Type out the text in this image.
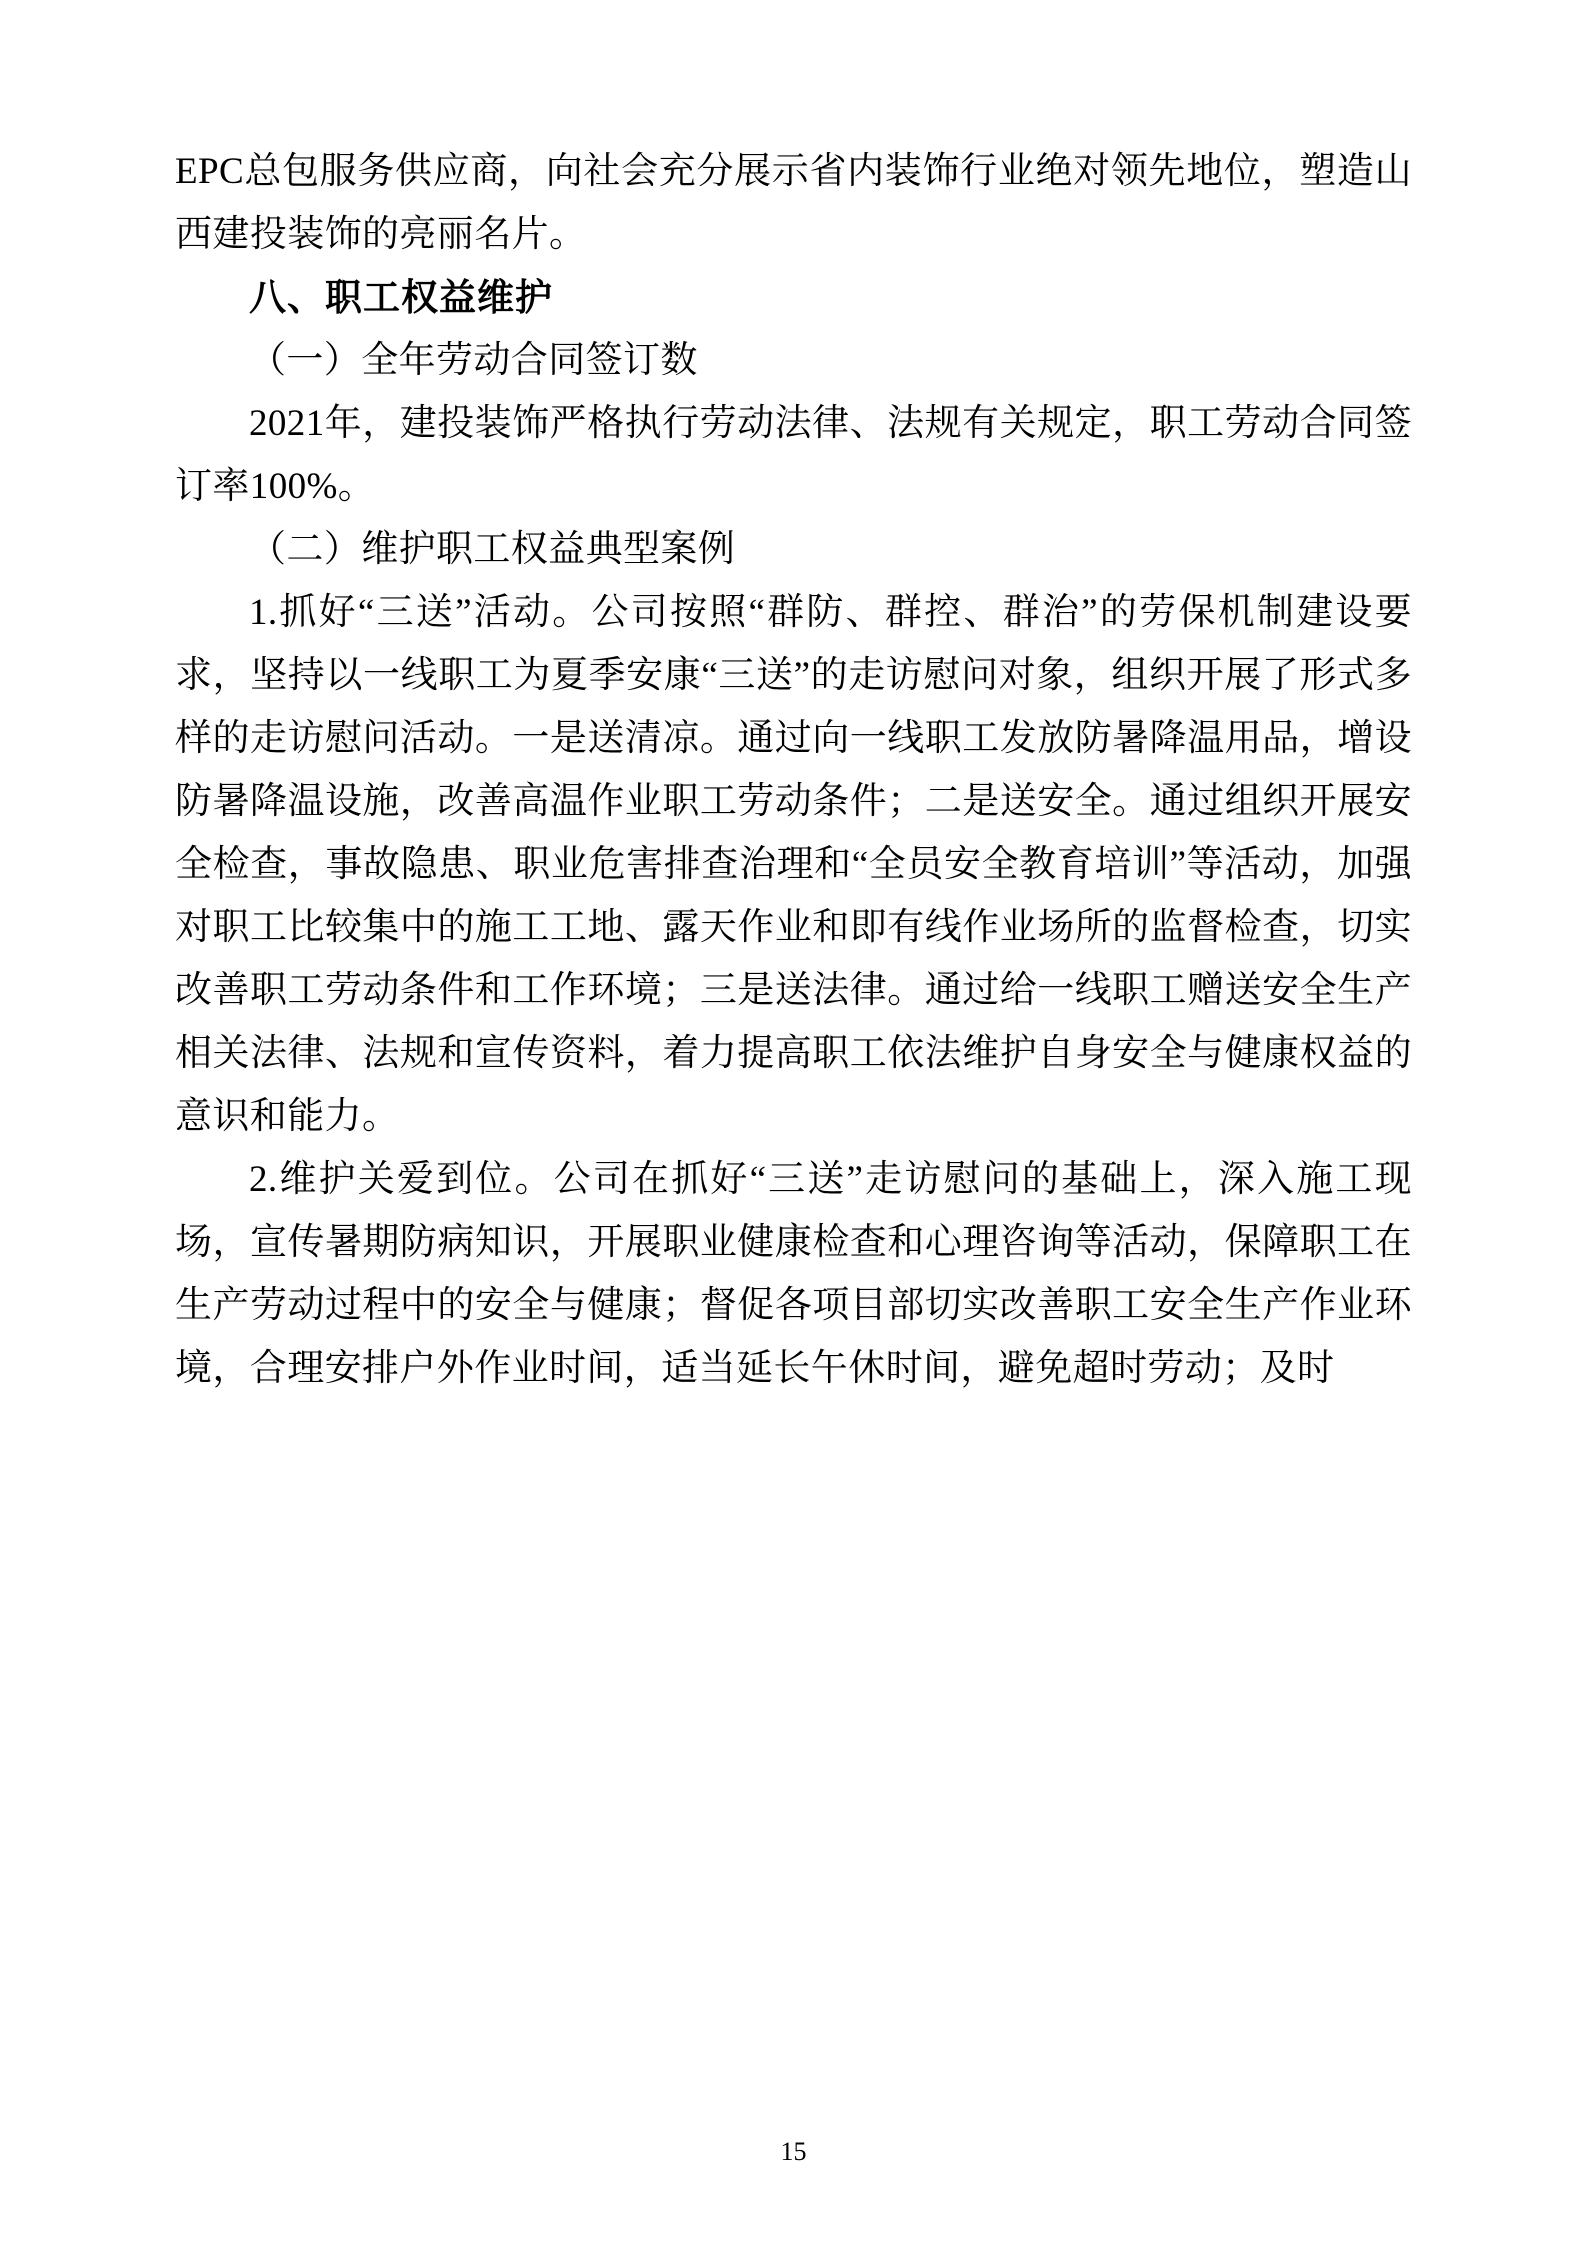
EPC总包服务供应商，向社会充分展示省内装饰行业绝对领先地位，塑造山西建投装饰的亮丽名片。

八、职工权益维护

（一）全年劳动合同签订数

2021年，建投装饰严格执行劳动法律、法规有关规定，职工劳动合同签订率100%。

（二）维护职工权益典型案例

1.抓好“三送”活动。公司按照“群防、群控、群治”的劳保机制建设要求，坚持以一线职工为夏季安康“三送”的走访慰问对象，组织开展了形式多样的走访慰问活动。一是送清凉。通过向一线职工发放防暑降温用品，增设防暑降温设施，改善高温作业职工劳动条件；二是送安全。通过组织开展安全检查，事故隐患、职业危害排查治理和“全员安全教育培训”等活动，加强对职工比较集中的施工工地、露天作业和即有线作业场所的监督检查，切实改善职工劳动条件和工作环境；三是送法律。通过给一线职工赠送安全生产相关法律、法规和宣传资料，着力提高职工依法维护自身安全与健康权益的意识和能力。

2.维护关爱到位。公司在抓好“三送”走访慰问的基础上，深入施工现场，宣传暑期防病知识，开展职业健康检查和心理咨询等活动，保障职工在生产劳动过程中的安全与健康；督促各项目部切实改善职工安全生产作业环境，合理安排户外作业时间，适当延长午休时间，避免超时劳动；及时

15
